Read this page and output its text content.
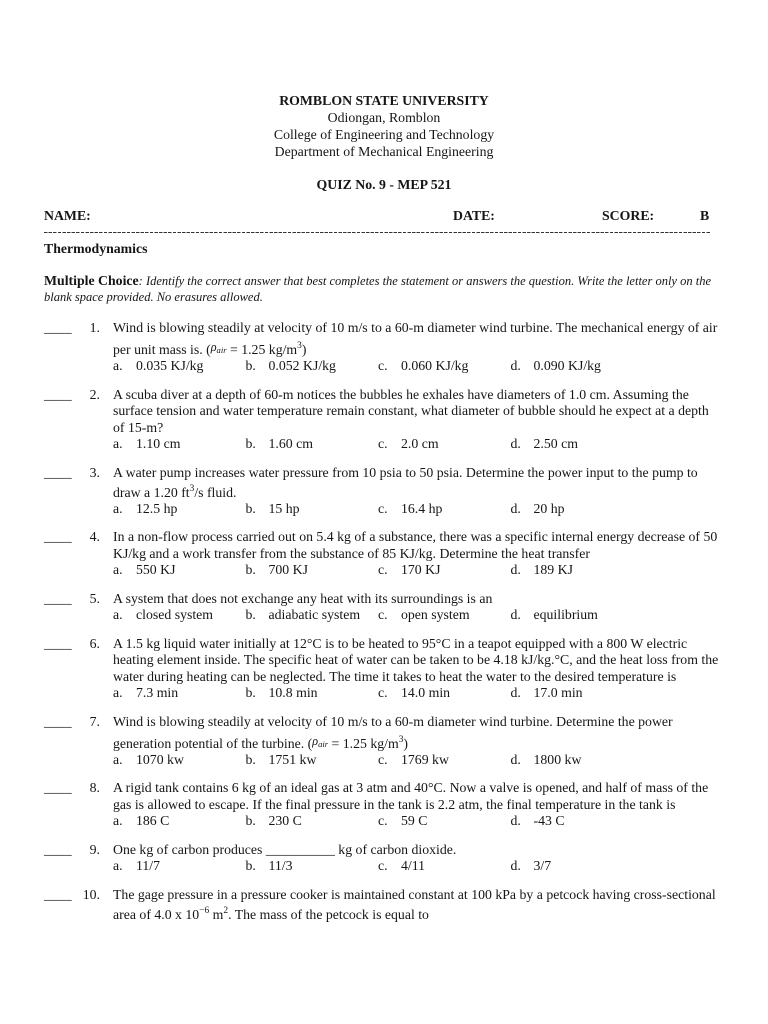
ROMBLON STATE UNIVERSITY
Odiongan, Romblon
College of Engineering and Technology
Department of Mechanical Engineering
QUIZ No. 9 - MEP 521
NAME:	DATE:	SCORE:	B
Thermodynamics
Multiple Choice: Identify the correct answer that best completes the statement or answers the question. Write the letter only on the
blank space provided. No erasures allowed.
____	1. Wind is blowing steadily at velocity of 10 m/s to a 60-m diameter wind turbine. The mechanical energy of air
per unit mass is. ($\rho_{air} = 1.25$ $kg/m^3$)
a. 0.035 KJ/kg	b. 0.052 KJ/kg	c. 0.060 KJ/kg	d. 0.090 KJ/kg
____	2. A scuba diver at a depth of 60-m notices the bubbles he exhales have diameters of 1.0 cm. Assuming the
surface tension and water temperature remain constant, what diameter of bubble should he expect at a depth
of 15-m?
a. 1.10 cm	b. 1.60 cm	c. 2.0 cm	d. 2.50 cm
____	3. A water pump increases water pressure from 10 psia to 50 psia. Determine the power input to the pump to
draw a 1.20 $ft^3/s$ fluid.
a. 12.5 hp	b. 15 hp	c. 16.4 hp	d. 20 hp
____	4. In a non-flow process carried out on 5.4 kg of a substance, there was a specific internal energy decrease of 50
KJ/kg and a work transfer from the substance of 85 KJ/kg. Determine the heat transfer
a. 550 KJ	b. 700 KJ	c. 170 KJ	d. 189 KJ
____	5. A system that does not exchange any heat with its surroundings is an
a. closed system b. adiabatic system c. open system	d. equilibrium
____	6. A 1.5 kg liquid water initially at 12°C is to be heated to 95°C in a teapot equipped with a 800 W electric
heating element inside. The specific heat of water can be taken to be 4.18 kJ/kg.°C, and the heat loss from the
water during heating can be neglected. The time it takes to heat the water to the desired temperature is
a. 7.3 min	b. 10.8 min	c. 14.0 min	d. 17.0 min
____	7. Wind is blowing steadily at velocity of 10 m/s to a 60-m diameter wind turbine. Determine the power
generation potential of the turbine. ($\rho_{air} = 1.25$ $kg/m^3$)
a. 1070 kw	b. 1751 kw	c. 1769 kw	d. 1800 kw
____	8. A rigid tank contains 6 kg of an ideal gas at 3 atm and 40°C. Now a valve is opened, and half of mass of the
gas is allowed to escape. If the final pressure in the tank is 2.2 atm, the final temperature in the tank is
a. 186 C	b. 230 C	c. 59 C	d. -43 C
____	9. One kg of carbon produces __________ kg of carbon dioxide.
a. 11/7	b. 11/3	c. 4/11	d. 3/7
____ 10. The gage pressure in a pressure cooker is maintained constant at 100 kPa by a petcock having cross-sectional
area of 4.0 x $10^{-6}$ $m^2$. The mass of the petcock is equal to
